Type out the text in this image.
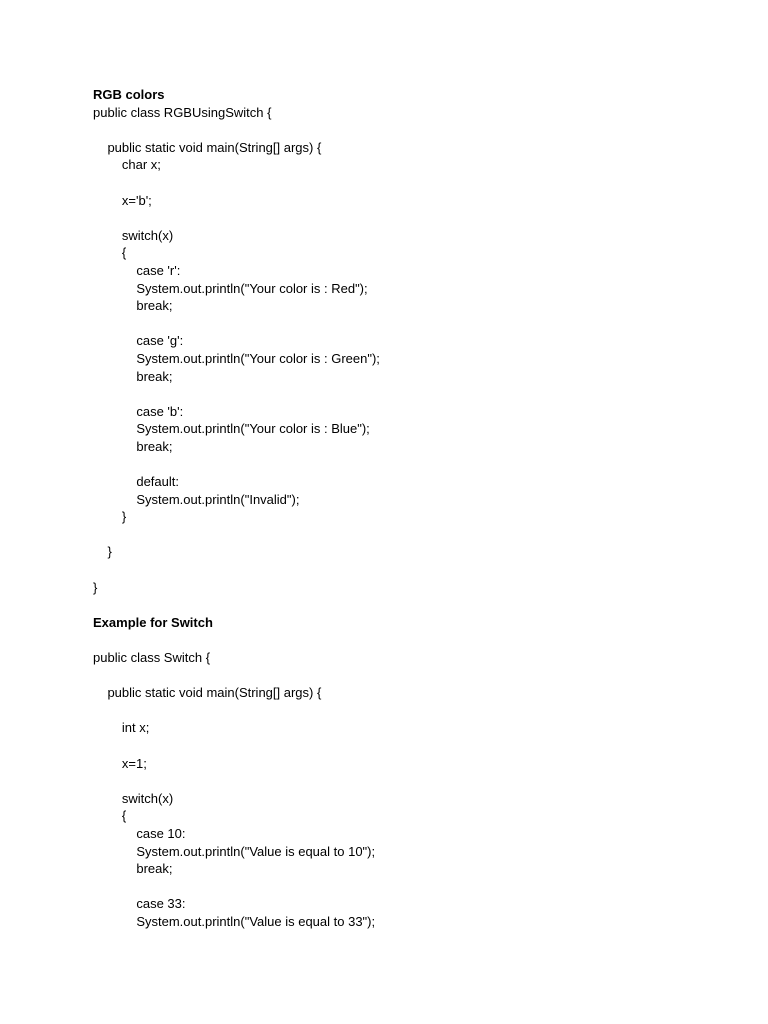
RGB colors
public class RGBUsingSwitch {
public static void main(String[] args) {
char x;
x='b';
switch(x)
{
case 'r':
System.out.println("Your color is : Red");
break;
case 'g':
System.out.println("Your color is : Green");
break;
case 'b':
System.out.println("Your color is : Blue");
break;
default:
System.out.println("Invalid");
}
}
}
Example for Switch
public class Switch {
public static void main(String[] args) {
int x;
x=1;
switch(x)
{
case 10:
System.out.println("Value is equal to 10");
break;
case 33:
System.out.println("Value is equal to 33");
